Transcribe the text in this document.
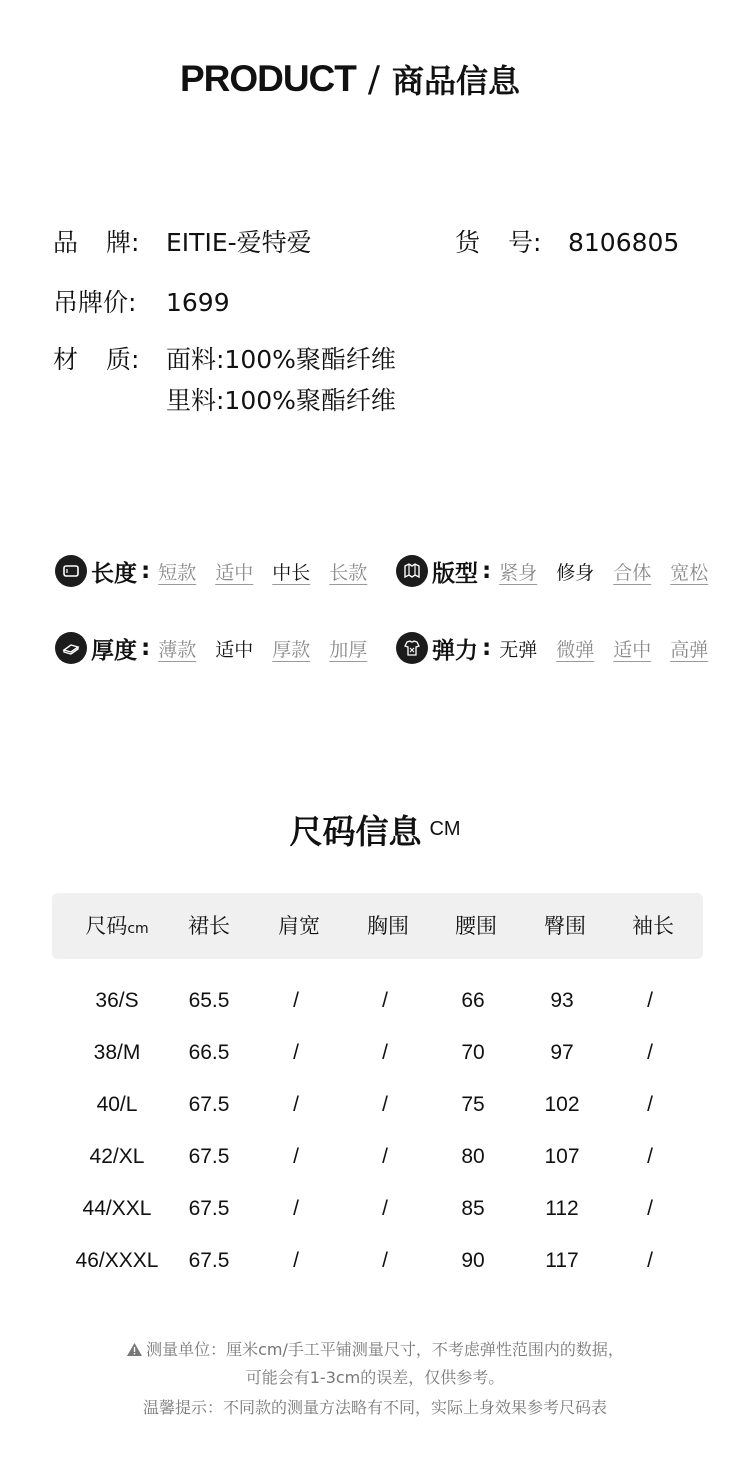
PRODUCT / 商品信息
品牌: EITIE-爱特爱	货号: 8106805
吊牌价: 1699
材质: 面料:100%聚酯纤维
里料:100%聚酯纤维
长度 : 短款 适中 中长 长款	版型 : 紧身 修身 合体 宽松
厚度 : 薄款 适中 厚款 加厚	弹力 : 无弹 微弹 适中 高弹
尺码信息 CM
尺码cm	裙长	肩宽	胸围	腰围	臀围	袖长
36/S	65.5	/	/	66	93	/
38/M	66.5	/	/	70	97	/
40/L	67.5	/	/	75	102	/
42/XL	67.5	/	/	80	107	/
44/XXL	67.5	/	/	85	112	/
46/XXXL	67.5	/	/	90	117	/
测量单位：厘米cm/手工平铺测量尺寸，不考虑弹性范围内的数据，
可能会有1-3cm的误差，仅供参考。
温馨提示：不同款的测量方法略有不同，实际上身效果参考尺码表
